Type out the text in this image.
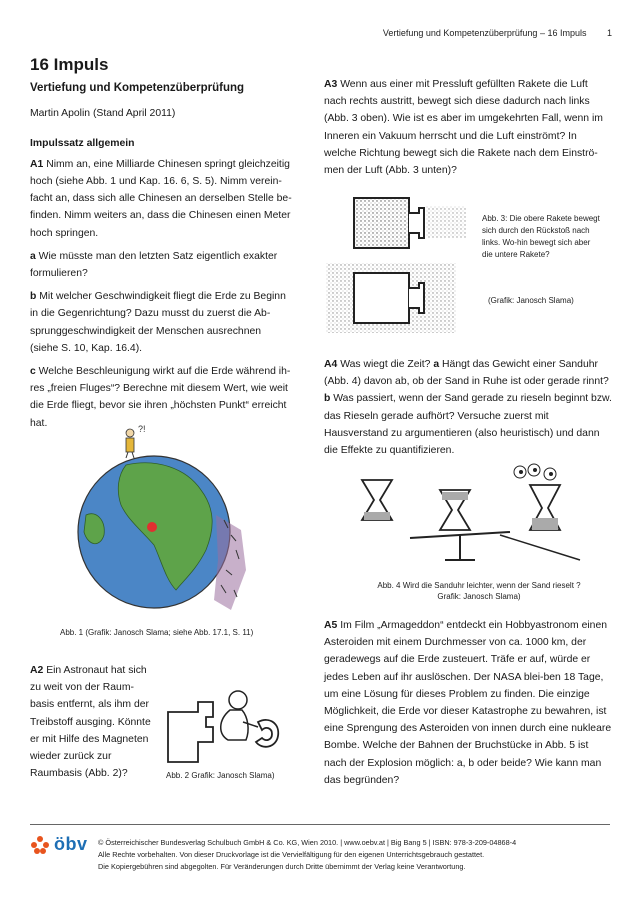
Vertiefung und Kompetenzüberprüfung – 16 Impuls 1
16 Impuls
Vertiefung und Kompetenzüberprüfung
Martin Apolin (Stand April 2011)
Impulssatz allgemein

A1 Nimm an, eine Milliarde Chinesen springt gleichzeitig hoch (siehe Abb. 1 und Kap. 16. 6, S. 5). Nimm verein-facht an, dass sich alle Chinesen an derselben Stelle be-finden. Nimm weiters an, dass die Chinesen einen Meter hoch springen.

a Wie müsste man den letzten Satz eigentlich exakter formulieren?

b Mit welcher Geschwindigkeit fliegt die Erde zu Beginn in die Gegenrichtung? Dazu musst du zuerst die Ab-sprunggeschwindigkeit der Menschen ausrechnen (siehe S. 10, Kap. 16.4).

c Welche Beschleunigung wirkt auf die Erde während ih-res „freien Fluges“? Berechne mit diesem Wert, wie weit die Erde fliegt, bevor sie ihren „höchsten Punkt“ erreicht hat.

?!
Abb. 1 (Grafik: Janosch Slama; siehe Abb. 17.1, S. 11)
A2 Ein Astronaut hat sich zu weit von der Raum-basis entfernt, als ihm der Treibstoff ausging. Könnte er mit Hilfe des Magneten wieder zurück zur Raumbasis (Abb. 2)?	Abb. 2 Grafik: Janosch Slama)

A3 Wenn aus einer mit Pressluft gefüllten Rakete die Luft nach rechts austritt, bewegt sich diese dadurch nach links (Abb. 3 oben). Wie ist es aber im umgekehrten Fall, wenn im Inneren ein Vakuum herrscht und die Luft einströmt? In welche Richtung bewegt sich die Rakete nach dem Einströ-men der Luft (Abb. 3 unten)?

Abb. 3: Die obere Rakete bewegt sich durch den Rückstoß nach links. Wo-hin bewegt sich aber die untere Rakete?
(Grafik: Janosch Slama)
A4 Was wiegt die Zeit? a Hängt das Gewicht einer Sanduhr (Abb. 4) davon ab, ob der Sand in Ruhe ist oder gerade rinnt? b Was passiert, wenn der Sand gerade zu rieseln beginnt bzw. das Rieseln gerade aufhört? Versuche zuerst mit Hausverstand zu argumentieren (also heuristisch) und dann die Effekte zu quantifizieren.
Abb. 4 Wird die Sanduhr leichter, wenn der Sand rieselt ?
Grafik: Janosch Slama)
A5 Im Film „Armageddon“ entdeckt ein Hobbyastronom einen Asteroiden mit einem Durchmesser von ca. 1000 km, der geradewegs auf die Erde zusteuert. Träfe er auf, würde er jedes Leben auf ihr auslöschen. Der NASA blei-ben 18 Tage, um eine Lösung für dieses Problem zu finden. Die einzige Möglichkeit, die Erde vor dieser Katastrophe zu bewahren, ist eine Sprengung des Asteroiden von innen durch eine nukleare Bombe. Welche der Bahnen der Bruchstücke in Abb. 5 ist nach der Explosion möglich: a, b oder beide? Wie kann man das begründen?
öbv © Österreichischer Bundesverlag Schulbuch GmbH & Co. KG, Wien 2010. | www.oebv.at | Big Bang 5 | ISBN: 978-3-209-04868-4
Alle Rechte vorbehalten. Von dieser Druckvorlage ist die Vervielfältigung für den eigenen Unterrichtsgebrauch gestattet.
Die Kopiergebühren sind abgegolten. Für Veränderungen durch Dritte übernimmt der Verlag keine Verantwortung.
